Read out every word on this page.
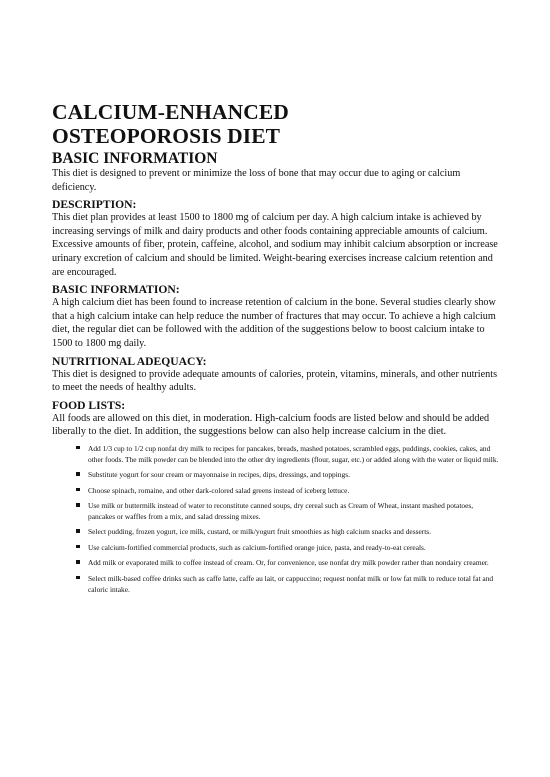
CALCIUM-ENHANCED
OSTEOPOROSIS DIET
BASIC INFORMATION

This diet is designed to prevent or minimize the loss of bone that may occur due to aging or calcium deficiency.

DESCRIPTION:

This diet plan provides at least 1500 to 1800 mg of calcium per day. A high calcium intake is achieved by increasing servings of milk and dairy products and other foods containing appreciable amounts of calcium. Excessive amounts of fiber, protein, caffeine, alcohol, and sodium may inhibit calcium absorption or increase urinary excretion of calcium and should be limited. Weight-bearing exercises increase calcium retention and are encouraged.

BASIC INFORMATION:

A high calcium diet has been found to increase retention of calcium in the bone. Several studies clearly show that a high calcium intake can help reduce the number of fractures that may occur. To achieve a high calcium diet, the regular diet can be followed with the addition of the suggestions below to boost calcium intake to 1500 to 1800 mg daily.

NUTRITIONAL ADEQUACY:

This diet is designed to provide adequate amounts of calories, protein, vitamins, minerals, and other nutrients to meet the needs of healthy adults.

FOOD LISTS:

All foods are allowed on this diet, in moderation. High-calcium foods are listed below and should be added liberally to the diet. In addition, the suggestions below can also help increase calcium in the diet.

Add 1/3 cup to 1/2 cup nonfat dry milk to recipes for pancakes, breads, mashed potatoes, scrambled eggs, puddings, cookies, cakes, and other foods. The milk powder can be blended into the other dry ingredients (flour, sugar, etc.) or added along with the water or liquid milk.
Substitute yogurt for sour cream or mayonnaise in recipes, dips, dressings, and toppings.
Choose spinach, romaine, and other dark-colored salad greens instead of iceberg lettuce.
Use milk or buttermilk instead of water to reconstitute canned soups, dry cereal such as Cream of Wheat, instant mashed potatoes, pancakes or waffles from a mix, and salad dressing mixes.
Select pudding, frozen yogurt, ice milk, custard, or milk/yogurt fruit smoothies as high calcium snacks and desserts.
Use calcium-fortified commercial products, such as calcium-fortified orange juice, pasta, and ready-to-eat cereals.
Add milk or evaporated milk to coffee instead of cream. Or, for convenience, use nonfat dry milk powder rather than nondairy creamer.
Select milk-based coffee drinks such as caffe latte, caffe au lait, or cappuccino; request nonfat milk or low fat milk to reduce total fat and caloric intake.
